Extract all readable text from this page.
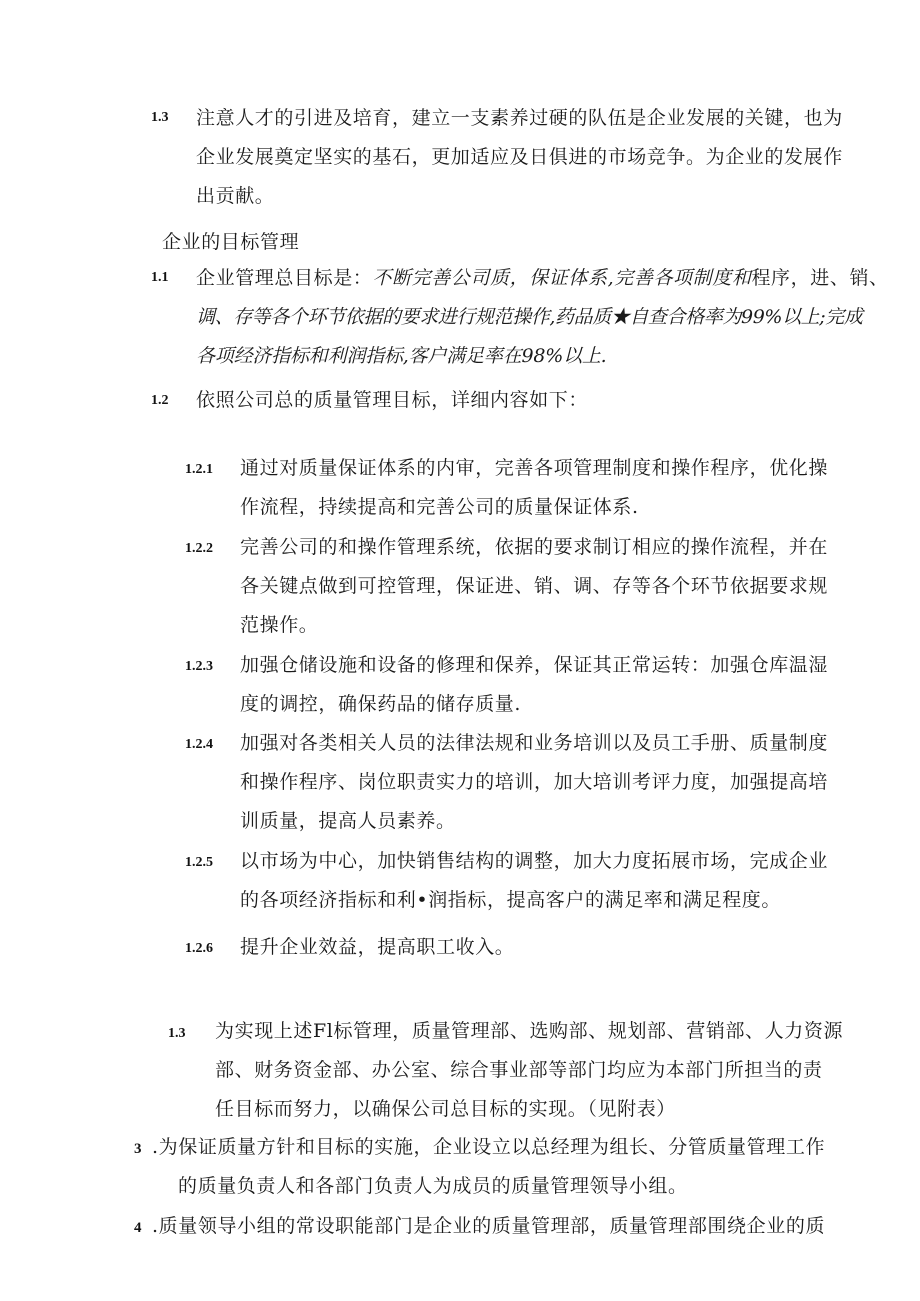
1.3 注意人才的引进及培育，建立一支素养过硬的队伍是企业发展的关键，也为
企业发展奠定坚实的基石，更加适应及日俱进的市场竞争。为企业的发展作
出贡献。
企业的目标管理
1.1 企业管理总目标是：不断完善公司质，保证体系,完善各项制度和程序，进、销、
调、存等各个环节依据的要求进行规范操作,药品质★自查合格率为99%以上;完成
各项经济指标和利润指标,客户满足率在98%以上.
1.2 依照公司总的质量管理目标，详细内容如下：
1.2.1 通过对质量保证体系的内审，完善各项管理制度和操作程序，优化操
作流程，持续提高和完善公司的质量保证体系.
1.2.2 完善公司的和操作管理系统，依据的要求制订相应的操作流程，并在
各关键点做到可控管理，保证进、销、调、存等各个环节依据要求规
范操作。
1.2.3 加强仓储设施和设备的修理和保养，保证其正常运转：加强仓库温湿
度的调控，确保药品的储存质量.
1.2.4 加强对各类相关人员的法律法规和业务培训以及员工手册、质量制度
和操作程序、岗位职责实力的培训，加大培训考评力度，加强提高培
训质量，提高人员素养。
1.2.5 以市场为中心，加快销售结构的调整，加大力度拓展市场，完成企业
的各项经济指标和利•润指标，提高客户的满足率和满足程度。
1.2.6 提升企业效益，提高职工收入。
1.3 为实现上述Fl标管理，质量管理部、选购部、规划部、营销部、人力资源
部、财务资金部、办公室、综合事业部等部门均应为本部门所担当的责
任目标而努力，以确保公司总目标的实现。（见附表）
3 .为保证质量方针和目标的实施，企业设立以总经理为组长、分管质量管理工作
的质量负责人和各部门负责人为成员的质量管理领导小组。
4 .质量领导小组的常设职能部门是企业的质量管理部，质量管理部围绕企业的质
